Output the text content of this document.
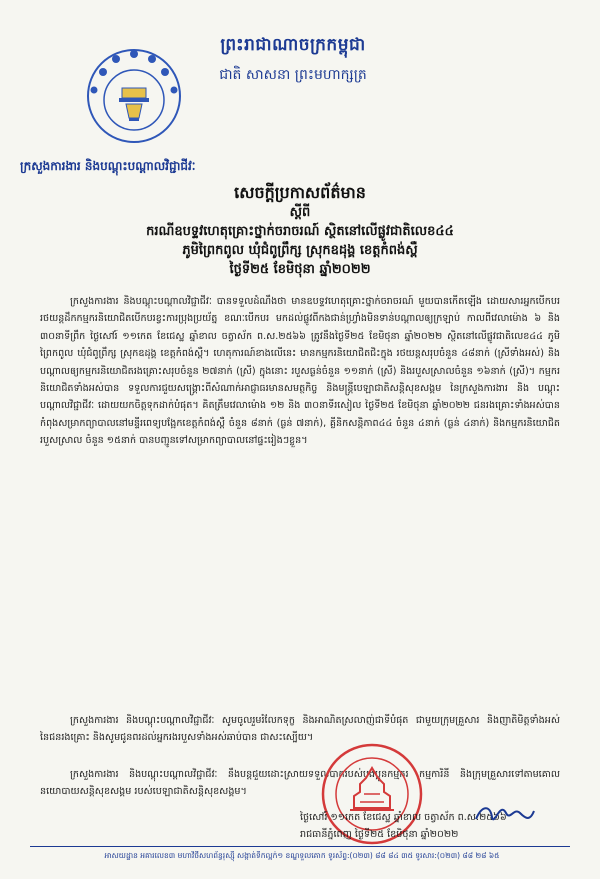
ព្រះរាជាណាចក្រកម្ពុជា
ជាតិ សាសនា ព្រះមហាក្សត្រ
ក្រសួងការងារ និងបណ្តុះបណ្តាលវិជ្ជាជីវៈ
សេចក្តីប្រកាសព័ត៌មាន
ស្តីពី
ករណីឧបទ្ទវហេតុគ្រោះថ្នាក់ចរាចរណ៍ ស្ថិតនៅលើផ្លូវជាតិលេខ៤៤
ភូមិព្រៃកពូល ឃុំជំពូព្រឹក្ស ស្រុកឧដុង្គ ខេត្តកំពង់ស្ពឺ
ថ្ងៃទី២៥ ខែមិថុនា ឆ្នាំ២០២២
ក្រសួងការងារ និងបណ្តុះបណ្តាលវិជ្ជាជីវៈ បានទទួលដំណឹងថា មានឧបទ្ទវហេតុគ្រោះថ្នាក់ចរាចរណ៍ មួយបានកើតឡើង ដោយសារអ្នកបើកបររថយន្តដឹកកម្មករនិយោជិតបើកបរខ្វះការប្រុងប្រយ័ត្ន ខណៈបើកបរ មកដល់ផ្លូវពីកងជាន់ហ្វ្រាំងមិនទាន់បណ្តាលឲ្យក្រឡាប់ កាលពីវេលាម៉ោង ៦ និង ៣០នាទីព្រឹក ថ្ងៃសៅរ៍ ១១កេត ខែជេស្ឋ ឆ្នាំខាល ចត្វាស័ក ព.ស.២៥៦៦ ត្រូវនឹងថ្ងៃទី២៥ ខែមិថុនា ឆ្នាំ២០២២ ស្ថិតនៅលើផ្លូវជាតិលេខ៤៤ ភូមិព្រៃកពូល ឃុំជំពូព្រឹក្ស ស្រុកឧដុង្គ ខេត្តកំពង់ស្ពឺ។ ហេតុការណ៍ខាងលើនេះ មានកម្មករនិយោជិតជិះក្នុង រថយន្តសរុបចំនួន ៤៨នាក់ (ស្រីទាំងអស់) និងបណ្តាលឲ្យកម្មករនិយោជិតរងគ្រោះសរុបចំនួន ២៧នាក់ (ស្រី) ក្នុងនោះ របួសធ្ងន់ចំនួន ១១នាក់ (ស្រី) និងរបួសស្រាលចំនួន ១៦នាក់ (ស្រី)។ កម្មករនិយោជិតទាំងអស់បាន ទទួលការជួយសង្គ្រោះពីសំណាក់អាជ្ញាធរមានសមត្ថកិច្ច និងមន្ត្រីបេឡាជាតិសន្តិសុខសង្គម នៃក្រសួងការងារ និង បណ្តុះបណ្តាលវិជ្ជាជីវៈ ដោយយកចិត្តទុកដាក់បំផុត។ គិតត្រឹមវេលាម៉ោង ១២ និង ៣០នាទីរសៀល ថ្ងៃទី២៥ ខែមិថុនា ឆ្នាំ២០២២ ជនរងគ្រោះទាំងអស់បានកំពុងសម្រាកព្យាបាលនៅមន្ទីរពេទ្យបង្អែកខេត្តកំពង់ស្ពឺ ចំនួន ៨នាក់ (ធ្ងន់ ៧នាក់), គ្លីនិកសន្តិភាព៤៤ ចំនួន ៤នាក់ (ធ្ងន់ ៤នាក់) និងកម្មករនិយោជិតរបួសស្រាល ចំនួន ១៥នាក់ បានបញ្ជូនទៅសម្រាកព្យាបាលនៅផ្ទះរៀងៗខ្លួន។
ក្រសួងការងារ និងបណ្តុះបណ្តាលវិជ្ជាជីវៈ សូមចូលរួមរំលែកទុក្ខ និងអាណិតស្រលាញ់ជាទីបំផុត ជាមួយក្រុមគ្រួសារ និងញាតិមិត្តទាំងអស់នៃជនរងគ្រោះ និងសូមជូនពរដល់អ្នករងរបួសទាំងអស់ឆាប់បាន ជាសះស្បើយ។
ក្រសួងការងារ និងបណ្តុះបណ្តាលវិជ្ជាជីវៈ នឹងបន្តជួយដោះស្រាយទទួលបាករបស់បងប្អូនកម្មករ កម្មការិនី និងក្រុមគ្រួសារទៅតាមគោលនយោបាយសន្តិសុខសង្គម របស់បេឡាជាតិសន្តិសុខសង្គម។
ថ្ងៃសៅរ៍ ១១កេត ខែជេស្ឋ ឆ្នាំខាល ចត្វាស័ក ព.ស.២៥៦៦
រាជធានីភ្នំពេញ ថ្ងៃទី២៥ ខែមិថុនា ឆ្នាំ២០២២
អាសយដ្ឋាន អគារលេខ៣ មហាវិថីសហព័ន្ធរុស្ស៊ី សង្កាត់ទឹកល្អក់១ ខណ្ឌទួលគោក ទូរស័ព្ទ:(០២៣) ៨៨ ៨៤ ៣៥ ទូរសារ:(០២៣) ៨៨ ២៨ ៦៥
